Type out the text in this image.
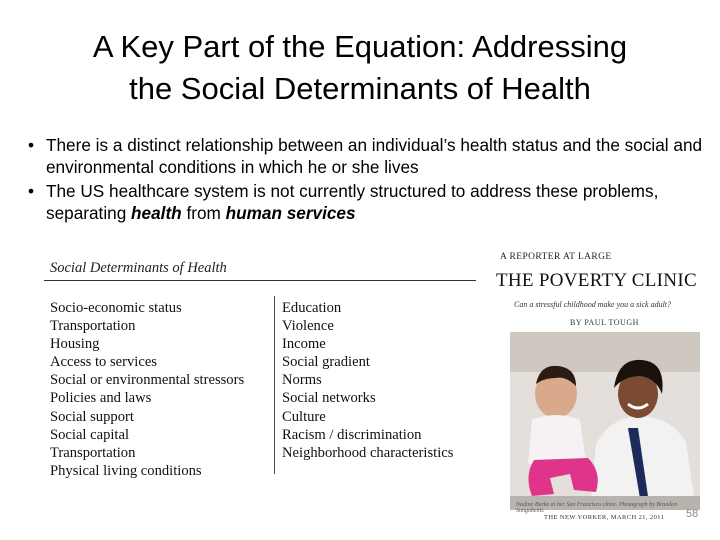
A Key Part of the Equation: Addressing
the Social Determinants of Health
• There is a distinct relationship between an individual’s health status and the social and environmental conditions in which he or she lives
• The US healthcare system is not currently structured to address these problems, separating health from human services
Social Determinants of Health
Socio-economic status
Transportation
Housing
Access to services
Social or environmental stressors
Policies and laws
Social support
Social capital
Transportation
Physical living conditions
Education
Violence
Income
Social gradient
Norms
Social networks
Culture
Racism / discrimination
Neighborhood characteristics
A REPORTER AT LARGE
THE POVERTY CLINIC
Can a stressful childhood make you a sick adult?
BY PAUL TOUGH
Nadine Burke at her San Francisco clinic. Photograph by Brandon Songobenit.
THE NEW YORKER, MARCH 21, 2011 58
